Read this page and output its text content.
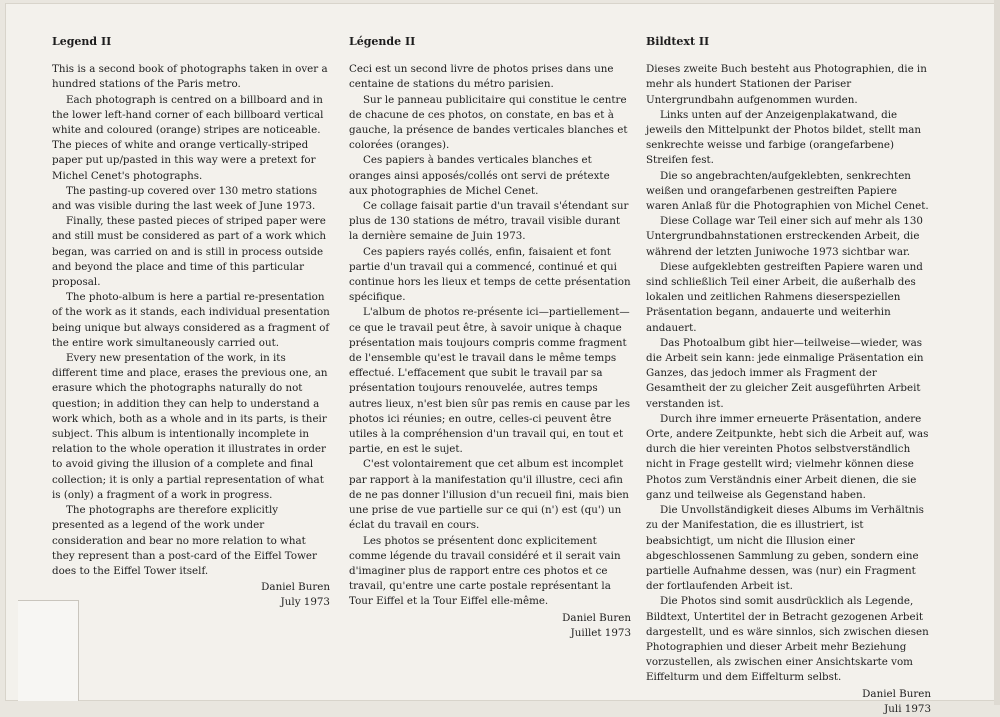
Legend II

This is a second book of photographs taken in over a hundred stations of the Paris metro.

Each photograph is centred on a billboard and in the lower left-hand corner of each billboard vertical white and coloured (orange) stripes are noticeable. The pieces of white and orange vertically-striped paper put up/pasted in this way were a pretext for Michel Cenet's photographs.

The pasting-up covered over 130 metro stations and was visible during the last week of June 1973.

Finally, these pasted pieces of striped paper were and still must be considered as part of a work which began, was carried on and is still in process outside and beyond the place and time of this particular proposal.

The photo-album is here a partial re-presentation of the work as it stands, each individual presentation being unique but always considered as a fragment of the entire work simultaneously carried out.

Every new presentation of the work, in its different time and place, erases the previous one, an erasure which the photographs naturally do not question; in addition they can help to understand a work which, both as a whole and in its parts, is their subject. This album is intentionally incomplete in relation to the whole operation it illustrates in order to avoid giving the illusion of a complete and final collection; it is only a partial representation of what is (only) a fragment of a work in progress.

The photographs are therefore explicitly presented as a legend of the work under consideration and bear no more relation to what they represent than a post-card of the Eiffel Tower does to the Eiffel Tower itself.

Daniel Buren

July 1973

Légende II

Ceci est un second livre de photos prises dans une centaine de stations du métro parisien.

Sur le panneau publicitaire qui constitue le centre de chacune de ces photos, on constate, en bas et à gauche, la présence de bandes verticales blanches et colorées (oranges).

Ces papiers à bandes verticales blanches et oranges ainsi apposés/collés ont servi de prétexte aux photographies de Michel Cenet.

Ce collage faisait partie d'un travail s'étendant sur plus de 130 stations de métro, travail visible durant la dernière semaine de Juin 1973.

Ces papiers rayés collés, enfin, faisaient et font partie d'un travail qui a commencé, continué et qui continue hors les lieux et temps de cette présentation spécifique.

L'album de photos re-présente ici—partiellement—ce que le travail peut être, à savoir unique à chaque présentation mais toujours compris comme fragment de l'ensemble qu'est le travail dans le même temps effectué. L'effacement que subit le travail par sa présentation toujours renouvelée, autres temps autres lieux, n'est bien sûr pas remis en cause par les photos ici réunies; en outre, celles-ci peuvent être utiles à la compréhension d'un travail qui, en tout et partie, en est le sujet.

C'est volontairement que cet album est incomplet par rapport à la manifestation qu'il illustre, ceci afin de ne pas donner l'illusion d'un recueil fini, mais bien une prise de vue partielle sur ce qui (n') est (qu') un éclat du travail en cours.

Les photos se présentent donc explicitement comme légende du travail considéré et il serait vain d'imaginer plus de rapport entre ces photos et ce travail, qu'entre une carte postale représentant la Tour Eiffel et la Tour Eiffel elle-même.

Daniel Buren

Juillet 1973

Bildtext II

Dieses zweite Buch besteht aus Photographien, die in mehr als hundert Stationen der Pariser Untergrundbahn aufgenommen wurden.

Links unten auf der Anzeigenplakatwand, die jeweils den Mittelpunkt der Photos bildet, stellt man senkrechte weisse und farbige (orangefarbene) Streifen fest.

Die so angebrachten/aufgeklebten, senkrechten weißen und orangefarbenen gestreiften Papiere waren Anlaß für die Photographien von Michel Cenet.

Diese Collage war Teil einer sich auf mehr als 130 Untergrundbahnstationen erstreckenden Arbeit, die während der letzten Juniwoche 1973 sichtbar war.

Diese aufgeklebten gestreiften Papiere waren und sind schließlich Teil einer Arbeit, die außerhalb des lokalen und zeitlichen Rahmens dieserspeziellen Präsentation begann, andauerte und weiterhin andauert.

Das Photoalbum gibt hier—teilweise—wieder, was die Arbeit sein kann: jede einmalige Präsentation ein Ganzes, das jedoch immer als Fragment der Gesamtheit der zu gleicher Zeit ausgeführten Arbeit verstanden ist.

Durch ihre immer erneuerte Präsentation, andere Orte, andere Zeitpunkte, hebt sich die Arbeit auf, was durch die hier vereinten Photos selbstverständlich nicht in Frage gestellt wird; vielmehr können diese Photos zum Verständnis einer Arbeit dienen, die sie ganz und teilweise als Gegenstand haben.

Die Unvollständigkeit dieses Albums im Verhältnis zu der Manifestation, die es illustriert, ist beabsichtigt, um nicht die Illusion einer abgeschlossenen Sammlung zu geben, sondern eine partielle Aufnahme dessen, was (nur) ein Fragment der fortlaufenden Arbeit ist.

Die Photos sind somit ausdrücklich als Legende, Bildtext, Untertitel der in Betracht gezogenen Arbeit dargestellt, und es wäre sinnlos, sich zwischen diesen Photographien und dieser Arbeit mehr Beziehung vorzustellen, als zwischen einer Ansichtskarte vom Eiffelturm und dem Eiffelturm selbst.

Daniel Buren

Juli 1973
